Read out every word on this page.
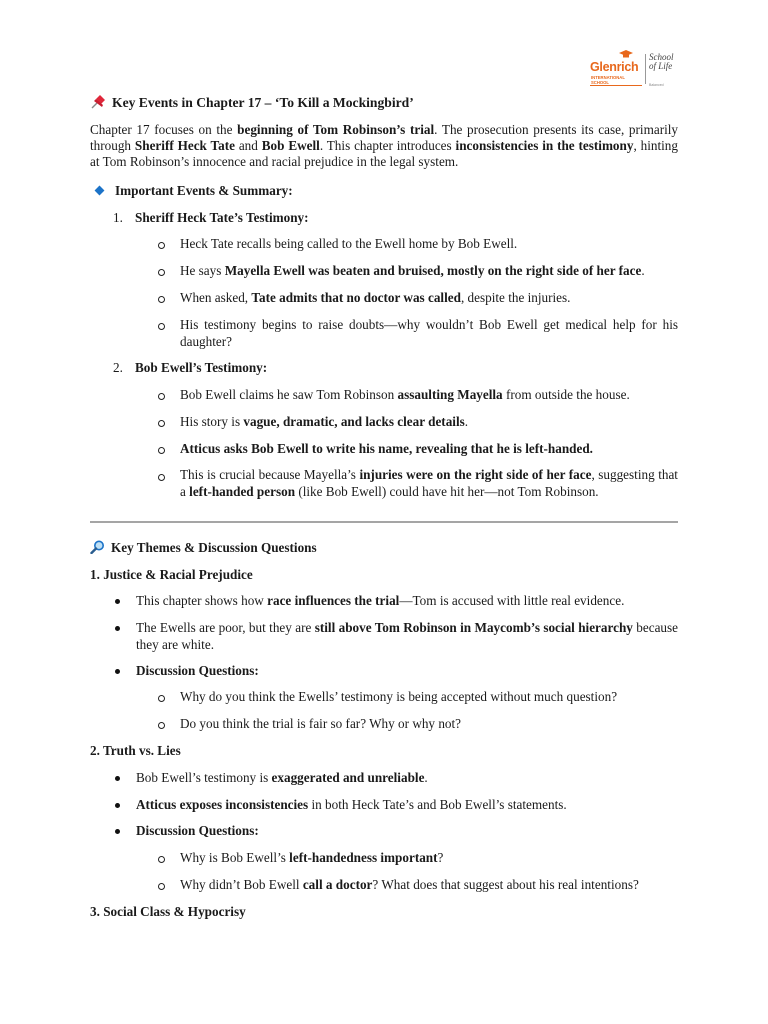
Glenrich
INTERNATIONAL SCHOOL
School
of Life
Balanced
Key Events in Chapter 17 – ‘To Kill a Mockingbird’
Chapter 17 focuses on the beginning of Tom Robinson’s trial. The prosecution presents its case, primarily through Sheriff Heck Tate and Bob Ewell. This chapter introduces inconsistencies in the testimony, hinting at Tom Robinson’s innocence and racial prejudice in the legal system.
Important Events & Summary:
1. Sheriff Heck Tate’s Testimony:
Heck Tate recalls being called to the Ewell home by Bob Ewell.
He says Mayella Ewell was beaten and bruised, mostly on the right side of her face.
When asked, Tate admits that no doctor was called, despite the injuries.
His testimony begins to raise doubts—why wouldn’t Bob Ewell get medical help for his daughter?
2. Bob Ewell’s Testimony:
Bob Ewell claims he saw Tom Robinson assaulting Mayella from outside the house.
His story is vague, dramatic, and lacks clear details.
Atticus asks Bob Ewell to write his name, revealing that he is left-handed.
This is crucial because Mayella’s injuries were on the right side of her face, suggesting that a left-handed person (like Bob Ewell) could have hit her—not Tom Robinson.
Key Themes & Discussion Questions
1. Justice & Racial Prejudice
This chapter shows how race influences the trial—Tom is accused with little real evidence.
The Ewells are poor, but they are still above Tom Robinson in Maycomb’s social hierarchy because they are white.
Discussion Questions:
Why do you think the Ewells’ testimony is being accepted without much question?
Do you think the trial is fair so far? Why or why not?
2. Truth vs. Lies
Bob Ewell’s testimony is exaggerated and unreliable.
Atticus exposes inconsistencies in both Heck Tate’s and Bob Ewell’s statements.
Discussion Questions:
Why is Bob Ewell’s left-handedness important?
Why didn’t Bob Ewell call a doctor? What does that suggest about his real intentions?
3. Social Class & Hypocrisy
